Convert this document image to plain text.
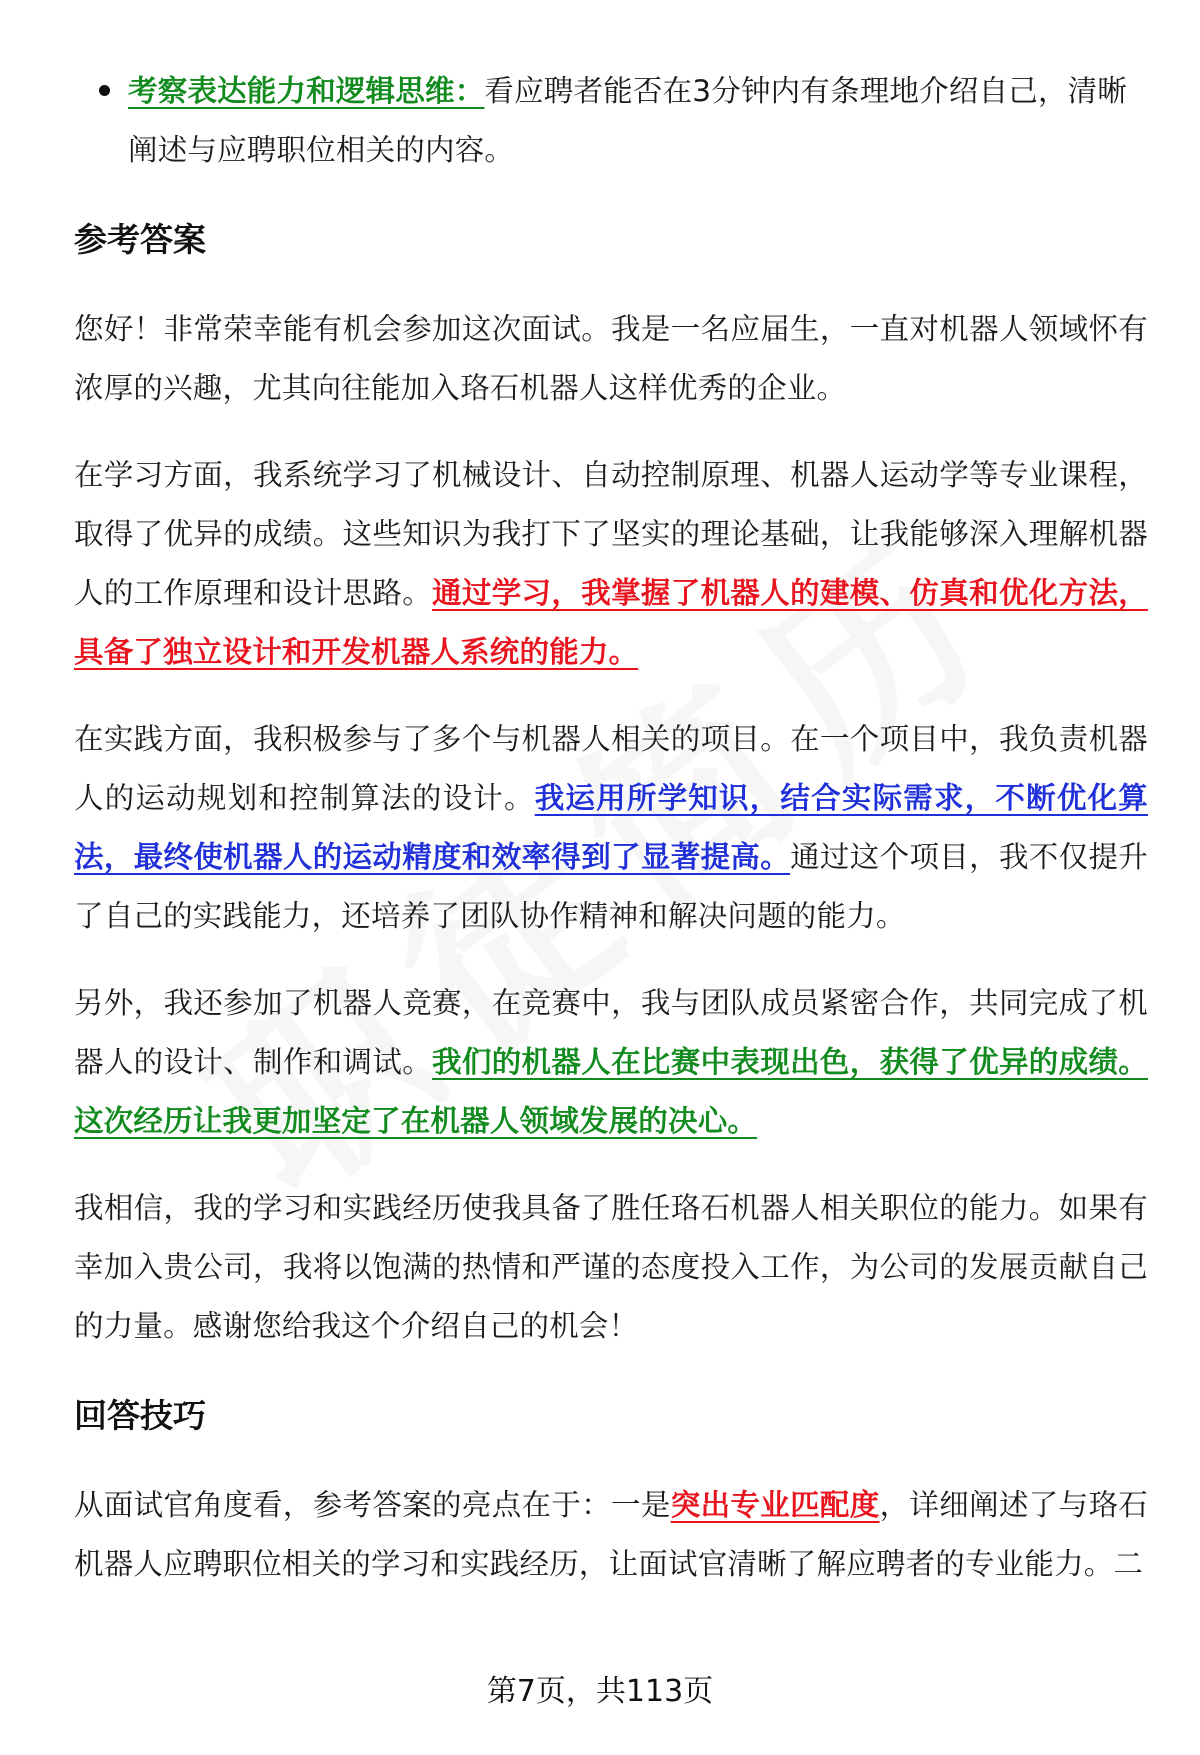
考察表达能力和逻辑思维：看应聘者能否在3分钟内有条理地介绍自己，清晰阐述与应聘职位相关的内容。
参考答案

您好！非常荣幸能有机会参加这次面试。我是一名应届生，一直对机器人领域怀有浓厚的兴趣，尤其向往能加入珞石机器人这样优秀的企业。

在学习方面，我系统学习了机械设计、自动控制原理、机器人运动学等专业课程，取得了优异的成绩。这些知识为我打下了坚实的理论基础，让我能够深入理解机器人的工作原理和设计思路。通过学习，我掌握了机器人的建模、仿真和优化方法，具备了独立设计和开发机器人系统的能力。

在实践方面，我积极参与了多个与机器人相关的项目。在一个项目中，我负责机器人的运动规划和控制算法的设计。我运用所学知识，结合实际需求，不断优化算法，最终使机器人的运动精度和效率得到了显著提高。通过这个项目，我不仅提升了自己的实践能力，还培养了团队协作精神和解决问题的能力。

另外，我还参加了机器人竞赛，在竞赛中，我与团队成员紧密合作，共同完成了机器人的设计、制作和调试。我们的机器人在比赛中表现出色，获得了优异的成绩。这次经历让我更加坚定了在机器人领域发展的决心。

我相信，我的学习和实践经历使我具备了胜任珞石机器人相关职位的能力。如果有幸加入贵公司，我将以饱满的热情和严谨的态度投入工作，为公司的发展贡献自己的力量。感谢您给我这个介绍自己的机会！

回答技巧

从面试官角度看，参考答案的亮点在于：一是突出专业匹配度，详细阐述了与珞石机器人应聘职位相关的学习和实践经历，让面试官清晰了解应聘者的专业能力。二

第7页，共113页
